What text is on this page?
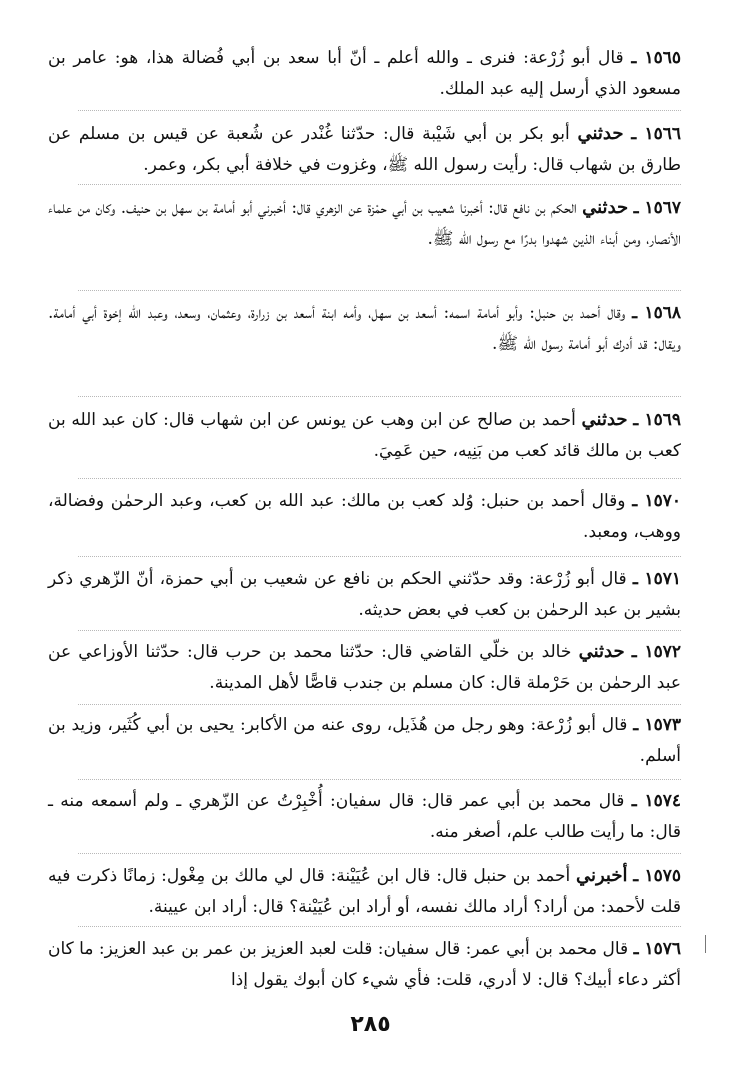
١٥٦٥ ـ قال أبو زُرْعة: فنرى ـ والله أعلم ـ أنّ أبا سعد بن أبي فُضالة هذا، هو: عامر بن مسعود الذي أرسل إليه عبد الملك.
١٥٦٦ ـ حدثني أبو بكر بن أبي شَيْبة قال: حدّثنا غُنْدر عن شُعبة عن قيس بن مسلم عن طارق بن شهاب قال: رأيت رسول الله ﷺ، وغزوت في خلافة أبي بكر، وعمر.
١٥٦٧ ـ حدثني الحكم بن نافع قال: أخبرنا شعيب بن أبي حمْزة عن الزهري قال: أخبرني أبو أمامة بن سهل بن حنيف. وكان من علماء الأنصار، ومن أبناء الذين شهدوا بدرًا مع رسول الله ﷺ.
١٥٦٨ ـ وقال أحمد بن حنبل: وأبو أمامة اسمه: أسعد بن سهل، وأمه ابنة أسعد بن زرارة، وعثمان، وسعد، وعبد الله إخوة أبي أمامة. ويقال: قد أدرك أبو أمامة رسول الله ﷺ.
١٥٦٩ ـ حدثني أحمد بن صالح عن ابن وهب عن يونس عن ابن شهاب قال: كان عبد الله بن كعب بن مالك قائد كعب من بَنِيه، حين عَمِيَ.
١٥٧٠ ـ وقال أحمد بن حنبل: وُلد كعب بن مالك: عبد الله بن كعب، وعبد الرحمٰن وفضالة، ووهب، ومعبد.
١٥٧١ ـ قال أبو زُرْعة: وقد حدّثني الحكم بن نافع عن شعيب بن أبي حمزة، أنّ الزّهري ذكر بشير بن عبد الرحمٰن بن كعب في بعض حديثه.
١٥٧٢ ـ حدثني خالد بن خلّي القاضي قال: حدّثنا محمد بن حرب قال: حدّثنا الأوزاعي عن عبد الرحمٰن بن حَرْملة قال: كان مسلم بن جندب قاصًّا لأهل المدينة.
١٥٧٣ ـ قال أبو زُرْعة: وهو رجل من هُذَيل، روى عنه من الأكابر: يحيى بن أبي كُثَير، وزيد بن أسلم.
١٥٧٤ ـ قال محمد بن أبي عمر قال: قال سفيان: أُخْبِرْتُ عن الزّهري ـ ولم أسمعه منه ـ قال: ما رأيت طالب علم، أصغر منه.
١٥٧٥ ـ أخبرني أحمد بن حنبل قال: قال ابن عُيَيْنة: قال لي مالك بن مِغْول: زمانًا ذكرت فيه قلت لأحمد: من أراد؟ أراد مالك نفسه، أو أراد ابن عُيَيْنة؟ قال: أراد ابن عيينة.
١٥٧٦ ـ قال محمد بن أبي عمر: قال سفيان: قلت لعبد العزيز بن عمر بن عبد العزيز: ما كان أكثر دعاء أبيك؟ قال: لا أدري، قلت: فأي شيء كان أبوك يقول إذا
٢٨٥
